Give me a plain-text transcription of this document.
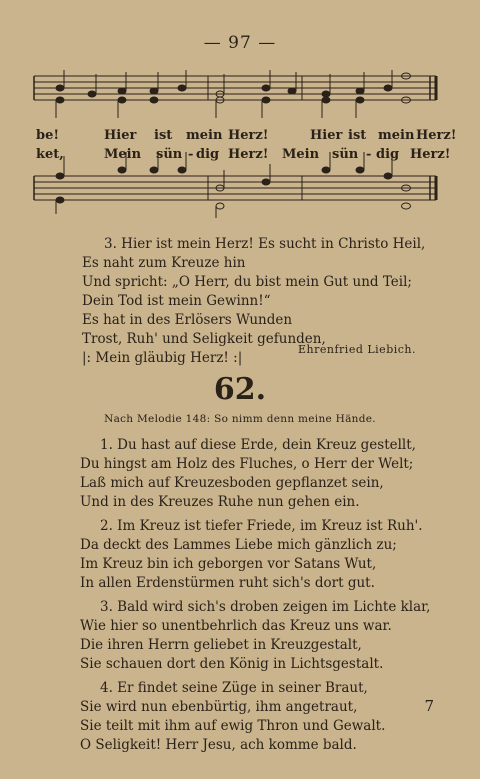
— 97 —
be!	Hier ist mein Herz!	Hier ist mein Herz!
ket,	Mein sün - dig Herz! Mein sün - dig Herz!
3. Hier ist mein Herz! Es sucht in Christo Heil,
Es naht zum Kreuze hin
Und spricht: „O Herr, du bist mein Gut und Teil;
Dein Tod ist mein Gewinn!“
Es hat in des Erlösers Wunden
Trost, Ruh' und Seligkeit gefunden,
|: Mein gläubig Herz! :|
Ehrenfried Liebich.
62.
Nach Melodie 148: So nimm denn meine Hände.
1. Du hast auf diese Erde, dein Kreuz gestellt,
Du hingst am Holz des Fluches, o Herr der Welt;
Laß mich auf Kreuzesboden gepflanzet sein,
Und in des Kreuzes Ruhe nun gehen ein.
2. Im Kreuz ist tiefer Friede, im Kreuz ist Ruh'.
Da deckt des Lammes Liebe mich gänzlich zu;
Im Kreuz bin ich geborgen vor Satans Wut,
In allen Erdenstürmen ruht sich's dort gut.
3. Bald wird sich's droben zeigen im Lichte klar,
Wie hier so unentbehrlich das Kreuz uns war.
Die ihren Herrn geliebet in Kreuzgestalt,
Sie schauen dort den König in Lichtsgestalt.
4. Er findet seine Züge in seiner Braut,
Sie wird nun ebenbürtig, ihm angetraut,
Sie teilt mit ihm auf ewig Thron und Gewalt.
O Seligkeit! Herr Jesu, ach komme bald.
7
